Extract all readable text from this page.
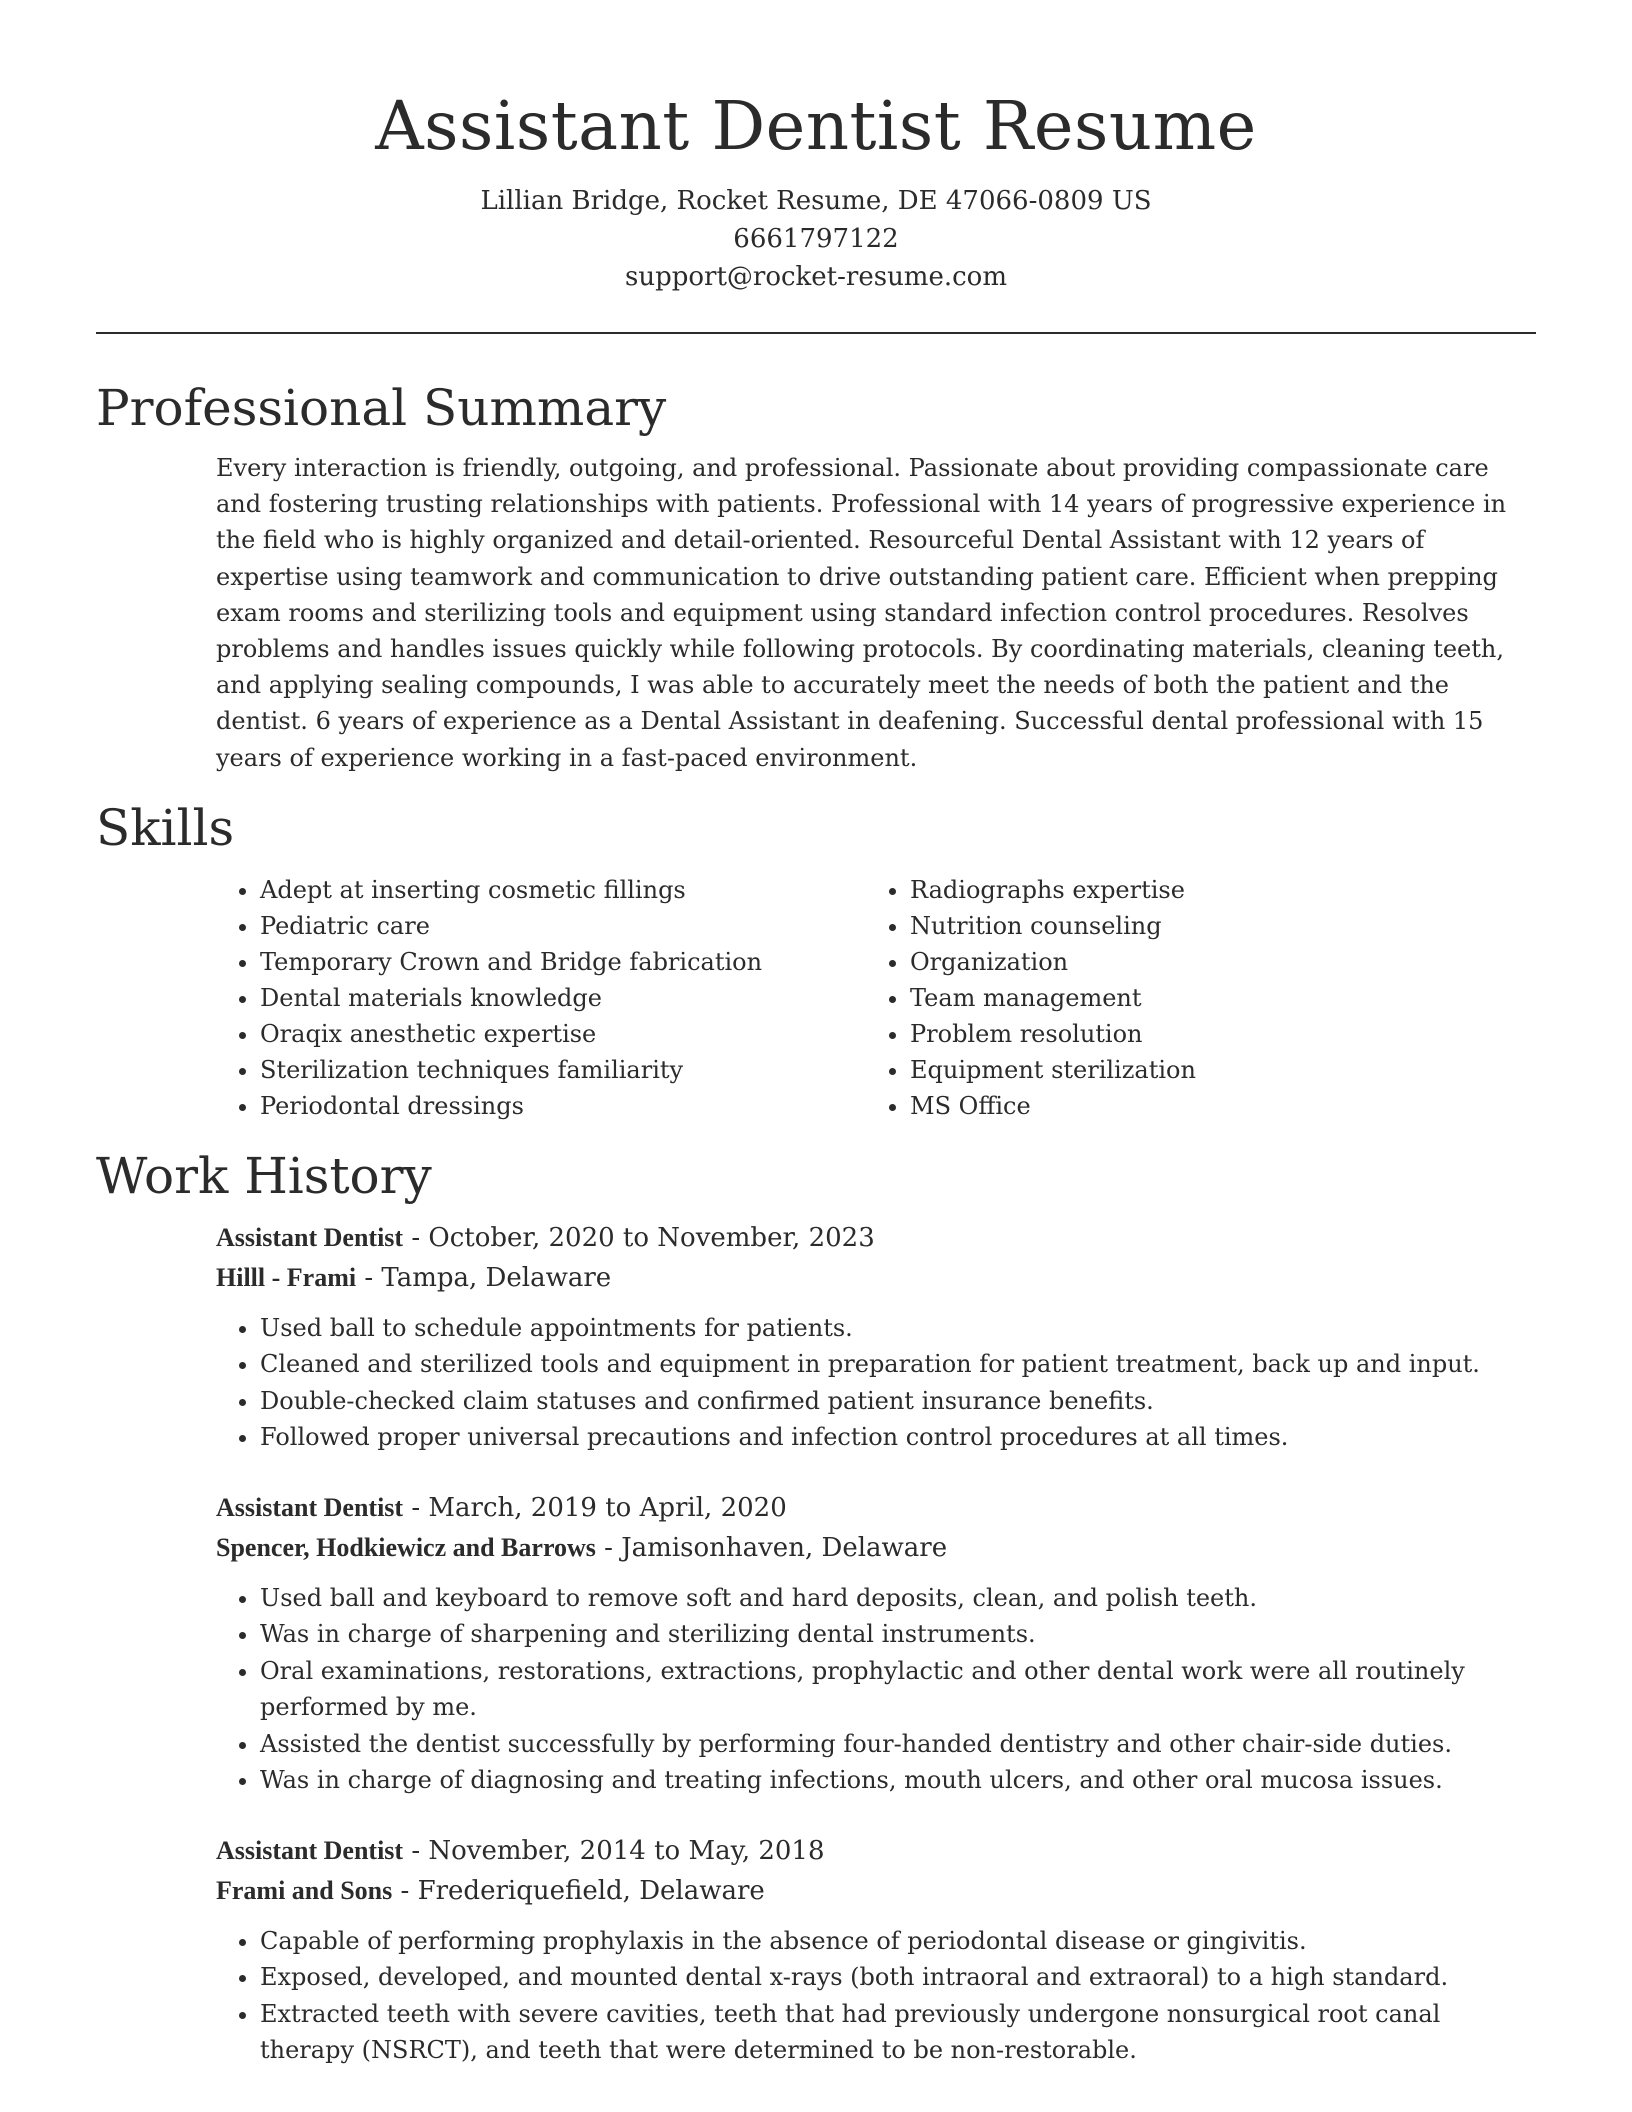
Assistant Dentist Resume
Lillian Bridge, Rocket Resume, DE 47066-0809 US
6661797122
support@rocket-resume.com
Professional Summary

Every interaction is friendly, outgoing, and professional. Passionate about providing compassionate care and fostering trusting relationships with patients. Professional with 14 years of progressive experience in the field who is highly organized and detail-oriented. Resourceful Dental Assistant with 12 years of expertise using teamwork and communication to drive outstanding patient care. Efficient when prepping exam rooms and sterilizing tools and equipment using standard infection control procedures. Resolves problems and handles issues quickly while following protocols. By coordinating materials, cleaning teeth, and applying sealing compounds, I was able to accurately meet the needs of both the patient and the dentist. 6 years of experience as a Dental Assistant in deafening. Successful dental professional with 15 years of experience working in a fast-paced environment.

Skills
• Adept at inserting cosmetic fillings
• Pediatric care
• Temporary Crown and Bridge fabrication
• Dental materials knowledge
• Oraqix anesthetic expertise
• Sterilization techniques familiarity
• Periodontal dressings
• Radiographs expertise
• Nutrition counseling
• Organization
• Team management
• Problem resolution
• Equipment sterilization
• MS Office
Work History
Assistant Dentist - October, 2020 to November, 2023
Hilll - Frami - Tampa, Delaware
• Used ball to schedule appointments for patients.
• Cleaned and sterilized tools and equipment in preparation for patient treatment, back up and input.
• Double-checked claim statuses and confirmed patient insurance benefits.
• Followed proper universal precautions and infection control procedures at all times.
Assistant Dentist - March, 2019 to April, 2020
Spencer, Hodkiewicz and Barrows - Jamisonhaven, Delaware
• Used ball and keyboard to remove soft and hard deposits, clean, and polish teeth.
• Was in charge of sharpening and sterilizing dental instruments.
• Oral examinations, restorations, extractions, prophylactic and other dental work were all routinely performed by me.
• Assisted the dentist successfully by performing four-handed dentistry and other chair-side duties.
• Was in charge of diagnosing and treating infections, mouth ulcers, and other oral mucosa issues.
Assistant Dentist - November, 2014 to May, 2018
Frami and Sons - Frederiquefield, Delaware
• Capable of performing prophylaxis in the absence of periodontal disease or gingivitis.
• Exposed, developed, and mounted dental x-rays (both intraoral and extraoral) to a high standard.
• Extracted teeth with severe cavities, teeth that had previously undergone nonsurgical root canal therapy (NSRCT), and teeth that were determined to be non-restorable.
